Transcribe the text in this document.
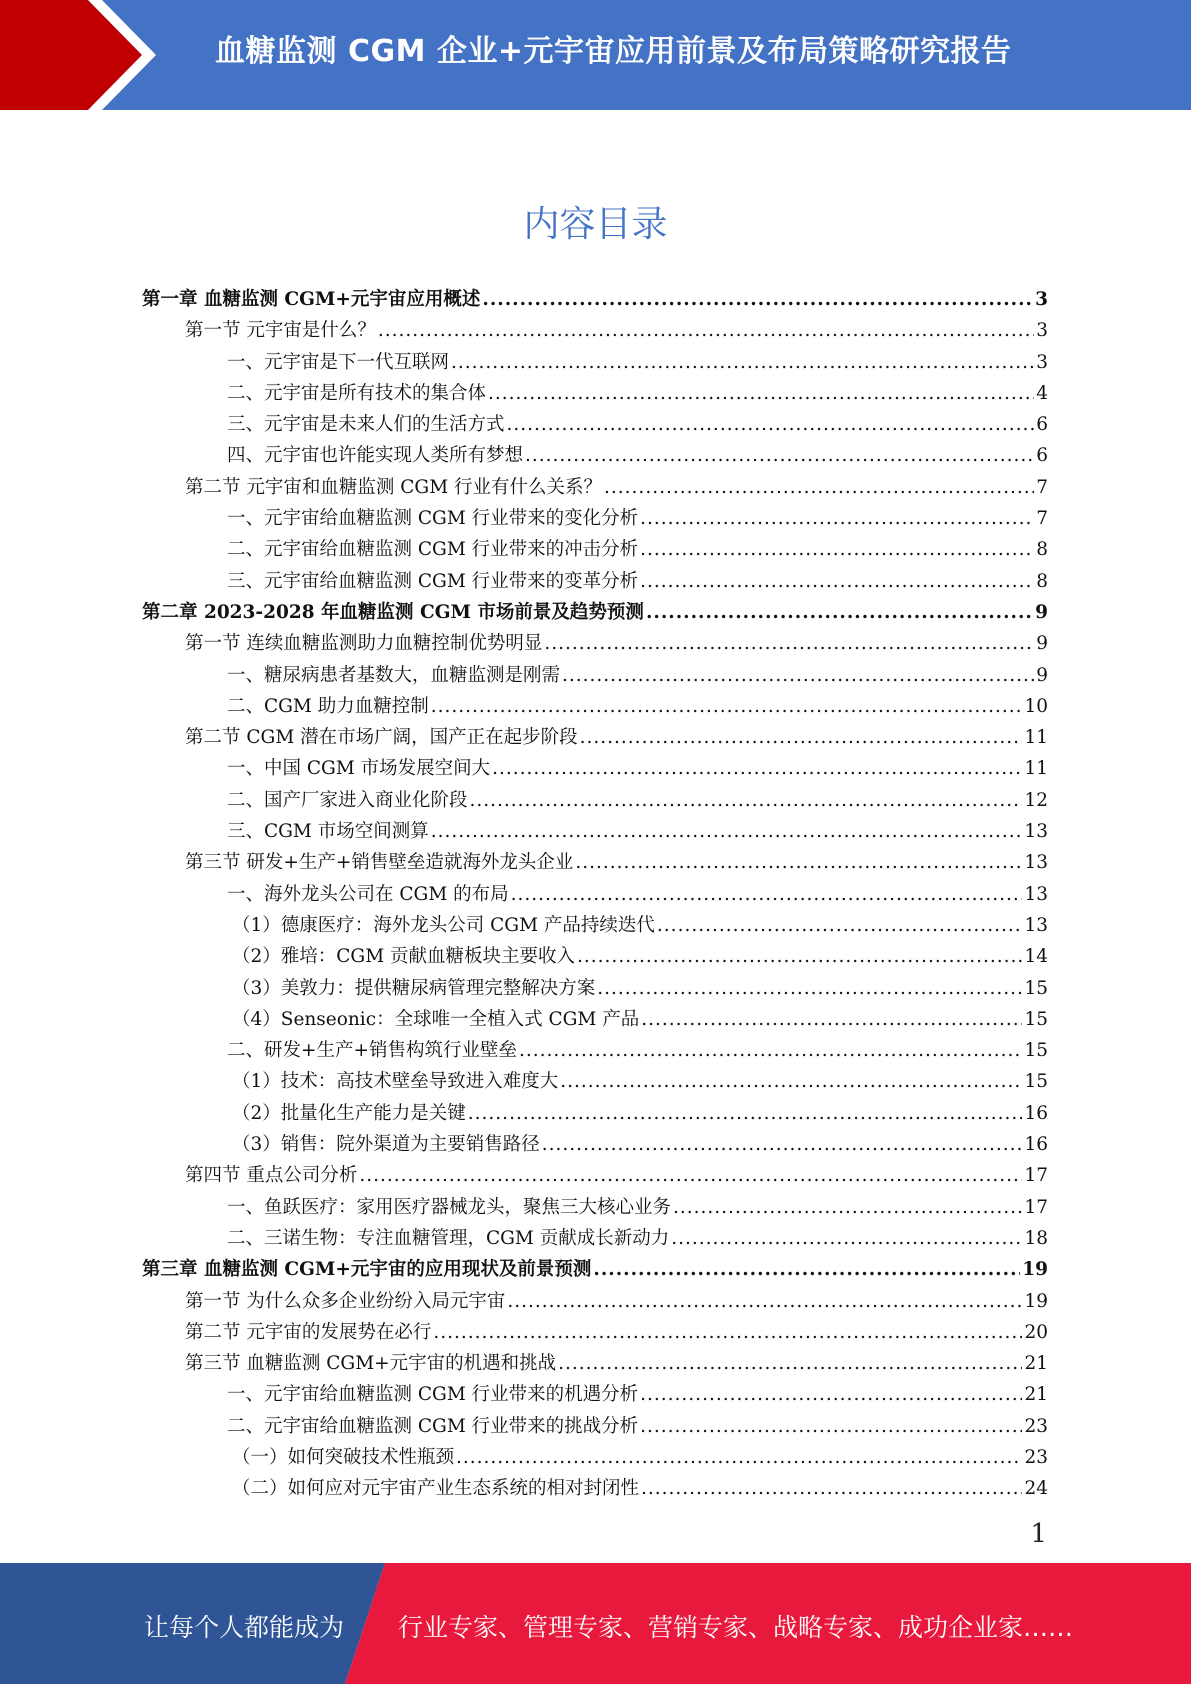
血糖监测 CGM 企业+元宇宙应用前景及布局策略研究报告
内容目录
第一章 血糖监测 CGM+元宇宙应用概述 .....	3
第一节 元宇宙是什么？ .....	3
一、元宇宙是下一代互联网 .....	3
二、元宇宙是所有技术的集合体 .....	4
三、元宇宙是未来人们的生活方式 .....	6
四、元宇宙也许能实现人类所有梦想 .....	6
第二节 元宇宙和血糖监测 CGM 行业有什么关系？ .....	7
一、元宇宙给血糖监测 CGM 行业带来的变化分析 .....	7
二、元宇宙给血糖监测 CGM 行业带来的冲击分析 .....	8
三、元宇宙给血糖监测 CGM 行业带来的变革分析 .....	8
第二章 2023-2028 年血糖监测 CGM 市场前景及趋势预测 .....	9
第一节 连续血糖监测助力血糖控制优势明显 .....	9
一、糖尿病患者基数大，血糖监测是刚需 .....	9
二、CGM 助力血糖控制 .....	10
第二节 CGM 潜在市场广阔，国产正在起步阶段 .....	11
一、中国 CGM 市场发展空间大 .....	11
二、国产厂家进入商业化阶段 .....	12
三、CGM 市场空间测算 .....	13
第三节 研发+生产+销售壁垒造就海外龙头企业 .....	13
一、海外龙头公司在 CGM 的布局 .....	13
（1）德康医疗：海外龙头公司 CGM 产品持续迭代 .....	13
（2）雅培：CGM 贡献血糖板块主要收入 .....	14
（3）美敦力：提供糖尿病管理完整解决方案 .....	15
（4）Senseonic：全球唯一全植入式 CGM 产品 .....	15
二、研发+生产+销售构筑行业壁垒 .....	15
（1）技术：高技术壁垒导致进入难度大 .....	15
（2）批量化生产能力是关键 .....	16
（3）销售：院外渠道为主要销售路径 .....	16
第四节 重点公司分析 .....	17
一、鱼跃医疗：家用医疗器械龙头，聚焦三大核心业务 .....	17
二、三诺生物：专注血糖管理，CGM 贡献成长新动力 .....	18
第三章 血糖监测 CGM+元宇宙的应用现状及前景预测 .....	19
第一节 为什么众多企业纷纷入局元宇宙 .....	19
第二节 元宇宙的发展势在必行 .....	20
第三节 血糖监测 CGM+元宇宙的机遇和挑战 .....	21
一、元宇宙给血糖监测 CGM 行业带来的机遇分析 .....	21
二、元宇宙给血糖监测 CGM 行业带来的挑战分析 .....	23
（一）如何突破技术性瓶颈 .....	23
（二）如何应对元宇宙产业生态系统的相对封闭性 .....	24
1
让每个人都能成为 行业专家、管理专家、营销专家、战略专家、成功企业家……
